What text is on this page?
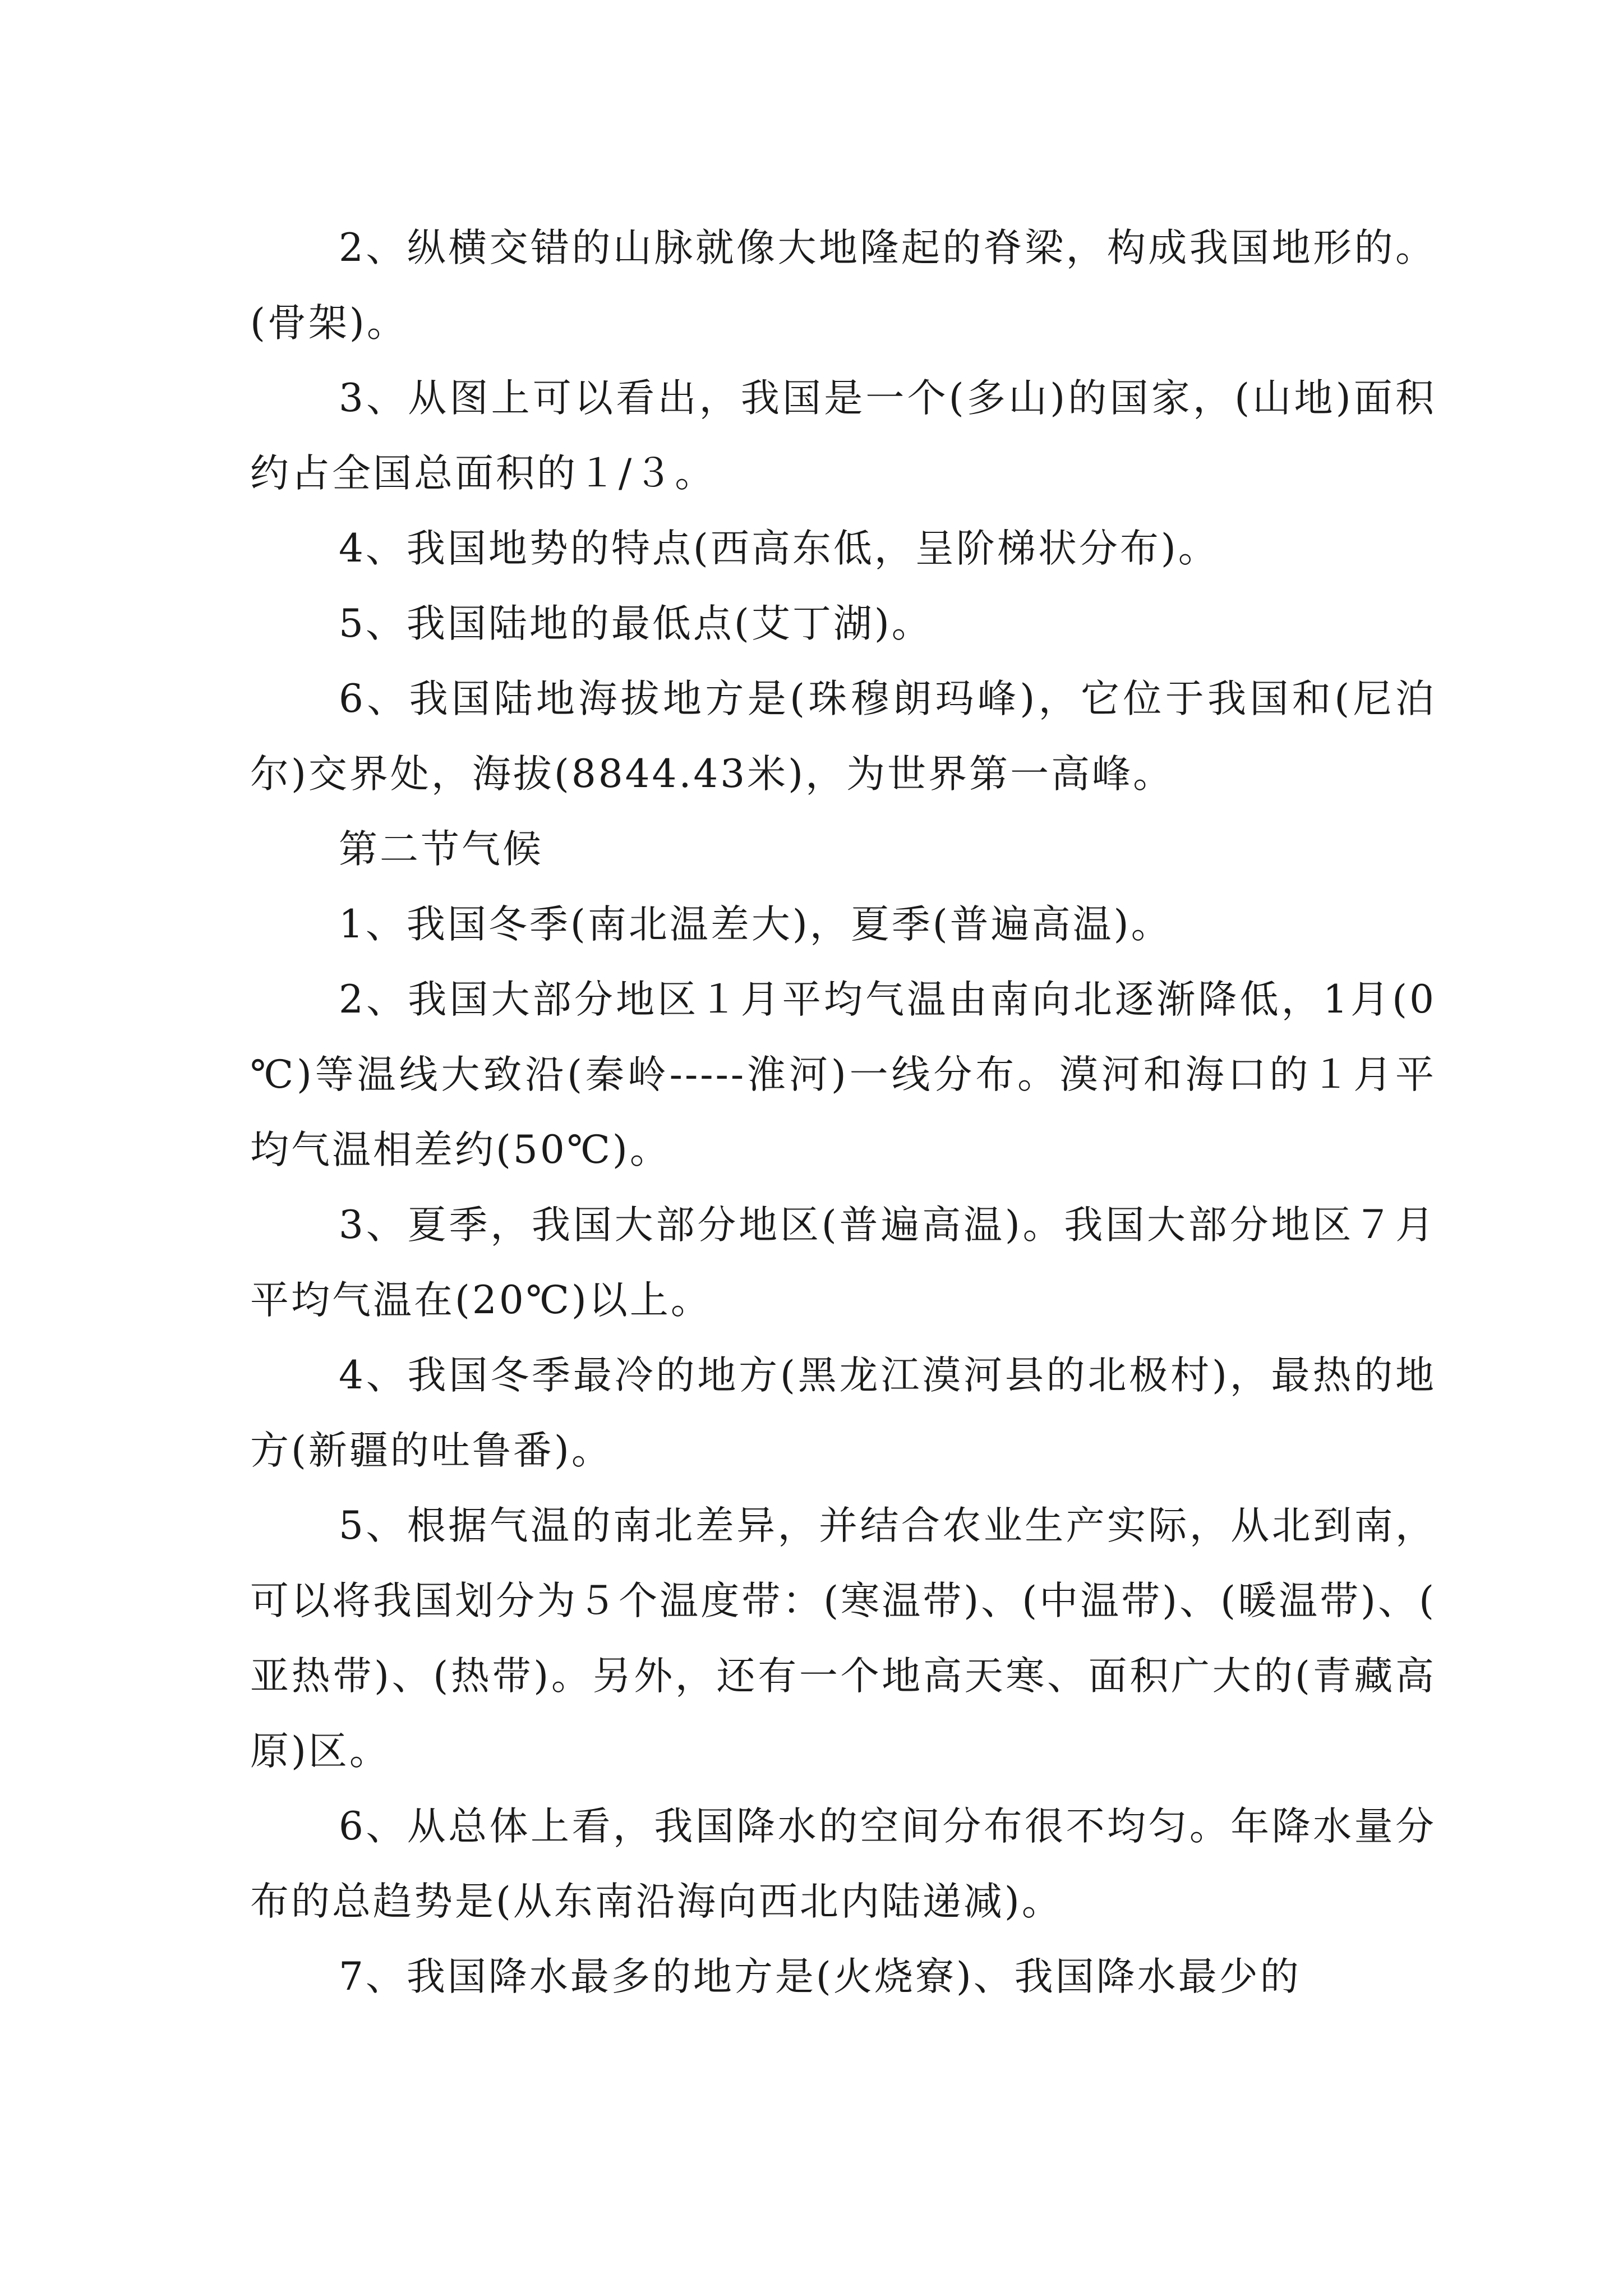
2、纵横交错的山脉就像大地隆起的脊梁，构成我国地形的。(骨架)。

3、从图上可以看出，我国是一个(多山)的国家，(山地)面积约占全国总面积的１/３。

4、我国地势的特点(西高东低，呈阶梯状分布)。

5、我国陆地的最低点(艾丁湖)。

6、我国陆地海拔地方是(珠穆朗玛峰)，它位于我国和(尼泊尔)交界处，海拔(8844.43米)，为世界第一高峰。

第二节气候

1、我国冬季(南北温差大)，夏季(普遍高温)。

2、我国大部分地区１月平均气温由南向北逐渐降低，1月(0℃)等温线大致沿(秦岭-----淮河)一线分布。漠河和海口的１月平均气温相差约(50℃)。

3、夏季，我国大部分地区(普遍高温)。我国大部分地区７月平均气温在(20℃)以上。

4、我国冬季最冷的地方(黑龙江漠河县的北极村)，最热的地方(新疆的吐鲁番)。

5、根据气温的南北差异，并结合农业生产实际，从北到南，可以将我国划分为５个温度带：(寒温带)、(中温带)、(暖温带)、(亚热带)、(热带)。另外，还有一个地高天寒、面积广大的(青藏高原)区。

6、从总体上看，我国降水的空间分布很不均匀。年降水量分布的总趋势是(从东南沿海向西北内陆递减)。

7、我国降水最多的地方是(火烧寮)、我国降水最少的
